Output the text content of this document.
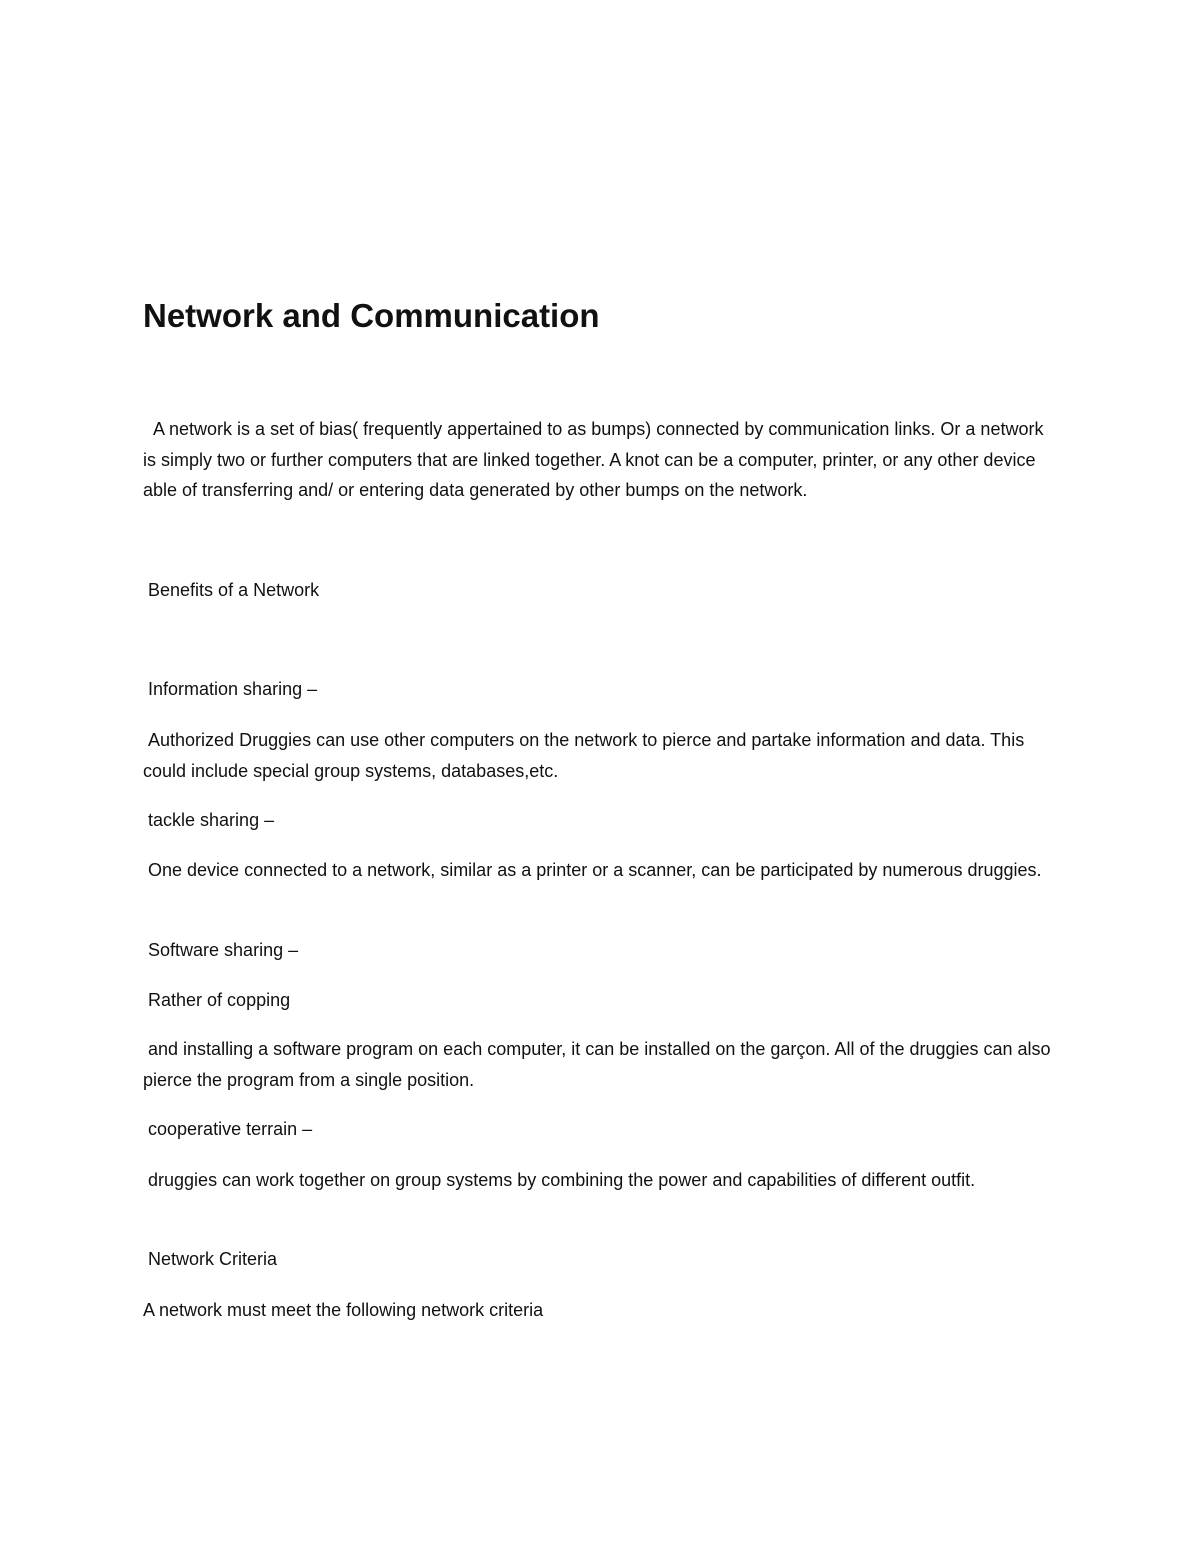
Network and Communication

A network is a set of bias( frequently appertained to as bumps) connected by communication links. Or a network is simply two or further computers that are linked together. A knot can be a computer, printer, or any other device able of transferring and/ or entering data generated by other bumps on the network.

Benefits of a Network

Information sharing –

Authorized Druggies can use other computers on the network to pierce and partake information and data. This could include special group systems, databases,etc.

tackle sharing –

One device connected to a network, similar as a printer or a scanner, can be participated by numerous druggies.

Software sharing –

Rather of copping

and installing a software program on each computer, it can be installed on the garçon. All of the druggies can also pierce the program from a single position.

cooperative terrain –

druggies can work together on group systems by combining the power and capabilities of different outfit.

Network Criteria

A network must meet the following network criteria
